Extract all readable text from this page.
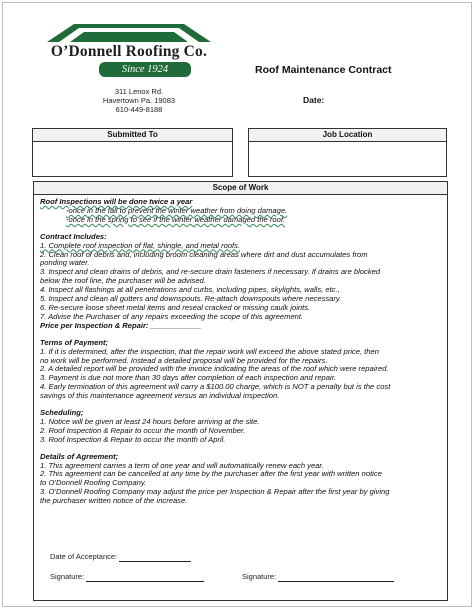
O’Donnell Roofing Co.
Since 1924
311 Lenox Rd.
Havertown Pa. 19083
610-449-8188
Roof Maintenance Contract
Date:
Submitted To	Job Location
Scope of Work
Roof Inspections will be done twice a year
-once in the fall to prevent the winter weather from doing damage.
-once in the spring to see if the winter weather damaged the roof.
Contract Includes:
1. Complete roof inspection of flat, shingle, and metal roofs.
2. Clean roof of debris and, including broom cleaning areas where dirt and dust accumulates from
ponding water.
3. Inspect and clean drains of debris, and re-secure drain fasteners if necessary. If drains are blocked
below the roof line, the purchaser will be advised.
4. Inspect all flashings at all penetrations and curbs, including pipes, skylights, walls, etc.,
5. Inspect and clean all gutters and downspouts. Re-attach downspouts where necessary.
6. Re-secure loose sheet metal items and reseal cracked or missing caulk joints.
7. Advise the Purchaser of any repairs exceeding the scope of this agreement.
Price per Inspection & Repair: ____________
Terms of Payment;
1. If it is determined, after the inspection, that the repair work will exceed the above stated price, then
no work will be performed. Instead a detailed proposal will be provided for the repairs.
2. A detailed report will be provided with the invoice indicating the areas of the roof which were repaired.
3. Payment is due not more than 30 days after completion of each inspection and repair.
4. Early termination of this agreement will carry a $100.00 charge, which is NOT a penalty but is the cost
savings of this maintenance agreement versus an individual inspection.
Scheduling;
1. Notice will be given at least 24 hours before arriving at the site.
2. Roof Inspection & Repair to occur the month of November.
3. Roof Inspection & Repair to occur the month of April.
Details of Agreement;
1. This agreement carries a term of one year and will automatically renew each year.
2. This agreement can be cancelled at any time by the purchaser after the first year with written notice
to O’Donnell Roofing Company.
3. O’Donnell Roofing Company may adjust the price per Inspection & Repair after the first year by giving
the purchaser written notice of the increase.
Date of Acceptance:
Signature:	Signature:
